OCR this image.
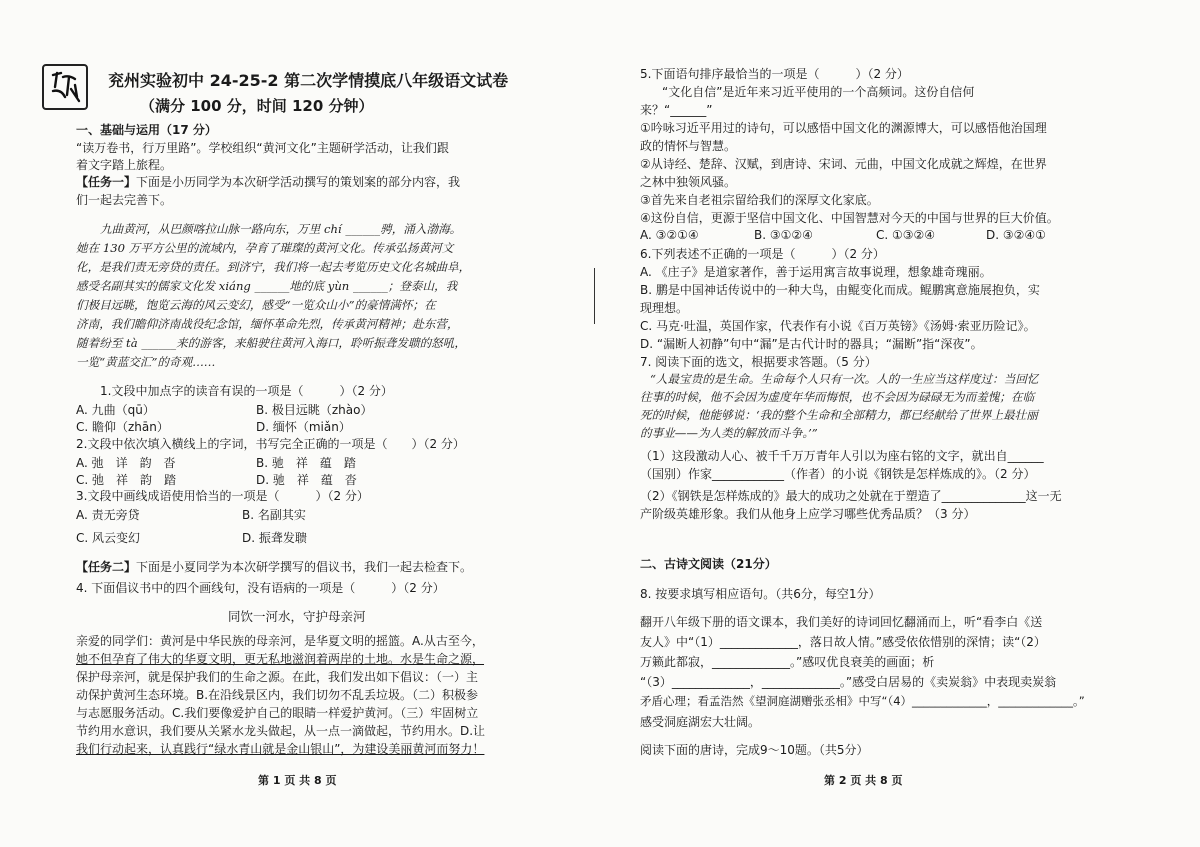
兖州实验初中 24-25-2 第二次学情摸底八年级语文试卷
（满分 100 分，时间 120 分钟）
一、基础与运用（17 分）
“读万卷书，行万里路”。学校组织“黄河文化”主题研学活动，让我们跟
着文字踏上旅程。
【任务一】下面是小历同学为本次研学活动撰写的策划案的部分内容，我
们一起去完善下。
九曲黄河，从巴颜喀拉山脉一路向东，万里 chí ______骋，涌入渤海。
她在 130 万平方公里的流域内，孕育了璀璨的黄河文化。传承弘扬黄河文
化，是我们责无旁贷的责任。到济宁，我们将一起去考览历史文化名城曲阜，
感受名副其实的儒家文化发 xiáng ______地的底 yùn ______；登泰山，我
们极目远眺，饱览云海的风云变幻，感受“一览众山小”的豪情满怀；在
济南，我们瞻仰济南战役纪念馆，缅怀革命先烈，传承黄河精神；赴东营，
随着纷至 tà ______来的游客，来船驶往黄河入海口，聆听振聋发聩的怒吼，
一览“黄蓝交汇”的奇观……
1.文段中加点字的读音有误的一项是（　　　）（2 分）
A. 九曲（qū）	B. 极目远眺（zhào）
C. 瞻仰（zhān）	D. 缅怀（miǎn）
2.文段中依次填入横线上的字词，书写完全正确的一项是（　　）（2 分）
A. 弛　详　韵　沓	B. 驰　祥　蕴　踏
C. 弛　祥　韵　踏	D. 驰　祥　蕴　沓
3.文段中画线成语使用恰当的一项是（　　　）（2 分）
A. 责无旁贷	B. 名副其实
C. 风云变幻	D. 振聋发聩
【任务二】下面是小夏同学为本次研学撰写的倡议书，我们一起去检查下。
4. 下面倡议书中的四个画线句，没有语病的一项是（　　　）（2 分）
同饮一河水，守护母亲河
亲爱的同学们：黄河是中华民族的母亲河，是华夏文明的摇篮。A.从古至今，
她不但孕育了伟大的华夏文明，更无私地滋润着两岸的土地。水是生命之源，
保护母亲河，就是保护我们的生命之源。在此，我们发出如下倡议：（一）主
动保护黄河生态环境。B.在沿线景区内，我们切勿不乱丢垃圾。（二）积极参
与志愿服务活动。C.我们要像爱护自己的眼睛一样爱护黄河。（三）牢固树立
节约用水意识，我们要从关紧水龙头做起，从一点一滴做起，节约用水。D.让
我们行动起来，认真践行“绿水青山就是金山银山”，为建设美丽黄河而努力！
第 1 页 共 8 页
5.下面语句排序最恰当的一项是（　　　）（2 分）
“文化自信”是近年来习近平使用的一个高频词。这份自信何
来？“______”
①吟咏习近平用过的诗句，可以感悟中国文化的渊源博大，可以感悟他治国理
政的情怀与智慧。
②从诗经、楚辞、汉赋，到唐诗、宋词、元曲，中国文化成就之辉煌，在世界
之林中独领风骚。
③首先来自老祖宗留给我们的深厚文化家底。
④这份自信，更源于坚信中国文化、中国智慧对今天的中国与世界的巨大价值。
A. ③②①④	B. ③①②④	C. ①③②④	D. ③②④①
6.下列表述不正确的一项是（　　　）（2 分）
A. 《庄子》是道家著作，善于运用寓言故事说理，想象雄奇瑰丽。
B. 鹏是中国神话传说中的一种大鸟，由鲲变化而成。鲲鹏寓意施展抱负，实
现理想。
C. 马克·吐温，英国作家，代表作有小说《百万英镑》《汤姆·索亚历险记》。
D. “漏断人初静”句中“漏”是古代计时的器具；“漏断”指“深夜”。
7. 阅读下面的选文，根据要求答题。（5 分）
“人最宝贵的是生命。生命每个人只有一次。人的一生应当这样度过：当回忆
往事的时候，他不会因为虚度年华而悔恨，也不会因为碌碌无为而羞愧；在临
死的时候，他能够说：‘我的整个生命和全部精力，都已经献给了世界上最壮丽
的事业——为人类的解放而斗争。’”
（1）这段激动人心、被千千万万青年人引以为座右铭的文字，就出自______
（国别）作家____________（作者）的小说《钢铁是怎样炼成的》。（2 分）
（2）《钢铁是怎样炼成的》最大的成功之处就在于塑造了______________这一无
产阶级英雄形象。我们从他身上应学习哪些优秀品质？（3 分）
二、古诗文阅读（21分）
8. 按要求填写相应语句。（共6分，每空1分）
翻开八年级下册的语文课本，我们美好的诗词回忆翻涌而上，听“看李白《送
友人》中“（1）_____________，落日故人情。”感受依依惜别的深情；读“（2）
万籁此都寂，_____________。”感叹优良衰美的画面；析
“（3）_____________，_____________。”感受白居易的《卖炭翁》中表现卖炭翁
矛盾心理；看孟浩然《望洞庭湖赠张丞相》中写“（4）_____________，_____________。”
感受洞庭湖宏大壮阔。
阅读下面的唐诗，完成9～10题。（共5分）
第 2 页 共 8 页
